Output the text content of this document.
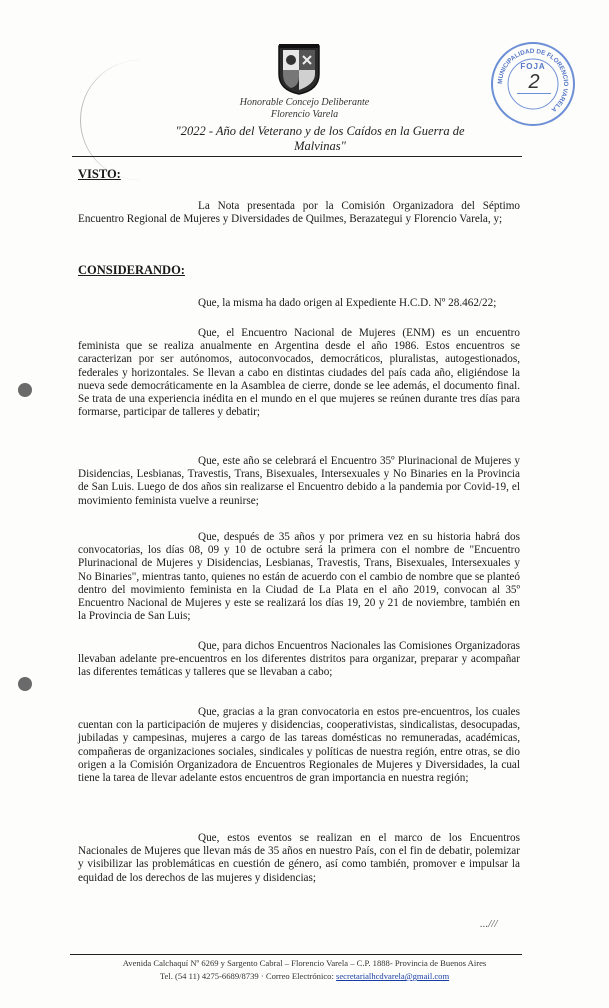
Honorable Concejo Deliberante
Florencio Varela
"2022 - Año del Veterano y de los Caídos en la Guerra de Malvinas"
MUNICIPALIDAD DE FLORENCIO VARELA
FOJA
2
VISTO:
La Nota presentada por la Comisión Organizadora del Séptimo Encuentro Regional de Mujeres y Diversidades de Quilmes, Berazategui y Florencio Varela, y;
CONSIDERANDO:
Que, la misma ha dado origen al Expediente H.C.D. Nº 28.462/22;
Que, el Encuentro Nacional de Mujeres (ENM) es un encuentro feminista que se realiza anualmente en Argentina desde el año 1986. Estos encuentros se caracterizan por ser autónomos, autoconvocados, democráticos, pluralistas, autogestionados, federales y horizontales. Se llevan a cabo en distintas ciudades del país cada año, eligiéndose la nueva sede democráticamente en la Asamblea de cierre, donde se lee además, el documento final. Se trata de una experiencia inédita en el mundo en el que mujeres se reúnen durante tres días para formarse, participar de talleres y debatir;
Que, este año se celebrará el Encuentro 35º Plurinacional de Mujeres y Disidencias, Lesbianas, Travestis, Trans, Bisexuales, Intersexuales y No Binaries en la Provincia de San Luis. Luego de dos años sin realizarse el Encuentro debido a la pandemia por Covid-19, el movimiento feminista vuelve a reunirse;
Que, después de 35 años y por primera vez en su historia habrá dos convocatorias, los días 08, 09 y 10 de octubre será la primera con el nombre de "Encuentro Plurinacional de Mujeres y Disidencias, Lesbianas, Travestis, Trans, Bisexuales, Intersexuales y No Binaries", mientras tanto, quienes no están de acuerdo con el cambio de nombre que se planteó dentro del movimiento feminista en la Ciudad de La Plata en el año 2019, convocan al 35º Encuentro Nacional de Mujeres y este se realizará los días 19, 20 y 21 de noviembre, también en la Provincia de San Luis;
Que, para dichos Encuentros Nacionales las Comisiones Organizadoras llevaban adelante pre-encuentros en los diferentes distritos para organizar, preparar y acompañar las diferentes temáticas y talleres que se llevaban a cabo;
Que, gracias a la gran convocatoria en estos pre-encuentros, los cuales cuentan con la participación de mujeres y disidencias, cooperativistas, sindicalistas, desocupadas, jubiladas y campesinas, mujeres a cargo de las tareas domésticas no remuneradas, académicas, compañeras de organizaciones sociales, sindicales y políticas de nuestra región, entre otras, se dio origen a la Comisión Organizadora de Encuentros Regionales de Mujeres y Diversidades, la cual tiene la tarea de llevar adelante estos encuentros de gran importancia en nuestra región;
Que, estos eventos se realizan en el marco de los Encuentros Nacionales de Mujeres que llevan más de 35 años en nuestro País, con el fin de debatir, polemizar y visibilizar las problemáticas en cuestión de género, así como también, promover e impulsar la equidad de los derechos de las mujeres y disidencias;
...///
Avenida Calchaquí Nº 6269 y Sargento Cabral – Florencio Varela – C.P. 1888- Provincia de Buenos Aires
Tel. (54 11) 4275-6689/8739 · Correo Electrónico: secretarialhcdvarela@gmail.com
